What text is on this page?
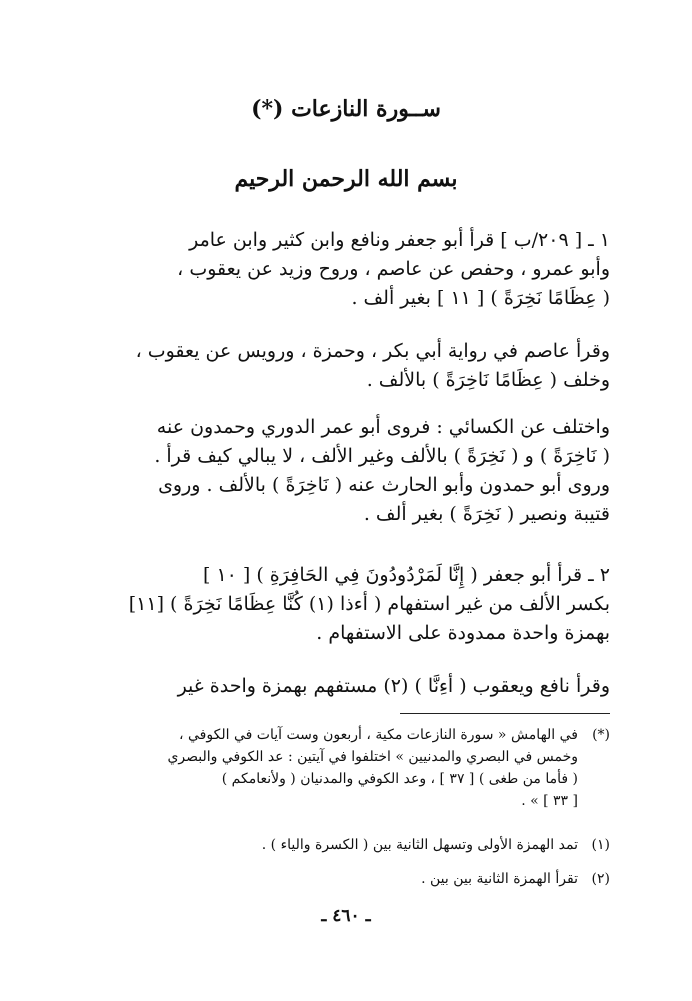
ســورة النازعات (*)
بسم الله الرحمن الرحيم
١ ـ [ ٢٠٩/ب ] قرأ أبو جعفر ونافع وابن كثير وابن عامر
وأبو عمرو ، وحفص عن عاصم ، وروح وزيد عن يعقوب ،
( عِظَامًا نَخِرَةً ) [ ١١ ] بغير ألف .
وقرأ عاصم في رواية أبي بكر ، وحمزة ، ورويس عن يعقوب ،
وخلف ( عِظَامًا نَاخِرَةً ) بالألف .
واختلف عن الكسائي : فروى أبو عمر الدوري وحمدون عنه
( نَاخِرَةً ) و ( نَخِرَةً ) بالألف وغير الألف ، لا يبالي كيف قرأ .
وروى أبو حمدون وأبو الحارث عنه ( نَاخِرَةً ) بالألف . وروى
قتيبة ونصير ( نَخِرَةً ) بغير ألف .
٢ ـ قرأ أبو جعفر ( إِنَّا لَمَرْدُودُونَ فِي الحَافِرَةِ ) [ ١٠ ]
بكسر الألف من غير استفهام ( أءذا (١) كُنَّا عِظَامًا نَخِرَةً ) [١١]
بهمزة واحدة ممدودة على الاستفهام .
وقرأ نافع ويعقوب ( أءِنَّا ) (٢) مستفهم بهمزة واحدة غير
(*)
في الهامش « سورة النازعات مكية ، أربعون وست آيات في الكوفي ،
وخمس في البصري والمدنيين » اختلفوا في آيتين : عد الكوفي والبصري
( فأما من طغى ) [ ٣٧ ] ، وعد الكوفي والمدنيان ( ولأنعامكم )
[ ٣٣ ] » .
(١)
تمد الهمزة الأولى وتسهل الثانية بين ( الكسرة والياء ) .
(٢)
تقرأ الهمزة الثانية بين بين .
ـ ٤٦٠ ـ
